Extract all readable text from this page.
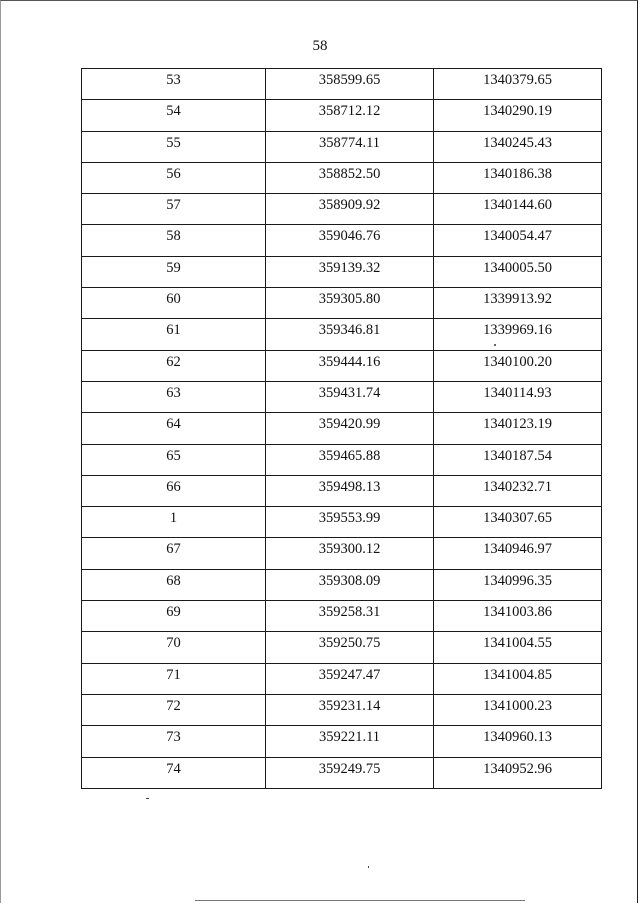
58
53	358599.65	1340379.65
54	358712.12	1340290.19
55	358774.11	1340245.43
56	358852.50	1340186.38
57	358909.92	1340144.60
58	359046.76	1340054.47
59	359139.32	1340005.50
60	359305.80	1339913.92
61	359346.81	1339969.16
62	359444.16	1340100.20
63	359431.74	1340114.93
64	359420.99	1340123.19
65	359465.88	1340187.54
66	359498.13	1340232.71
1	359553.99	1340307.65
67	359300.12	1340946.97
68	359308.09	1340996.35
69	359258.31	1341003.86
70	359250.75	1341004.55
71	359247.47	1341004.85
72	359231.14	1341000.23
73	359221.11	1340960.13
74	359249.75	1340952.96
